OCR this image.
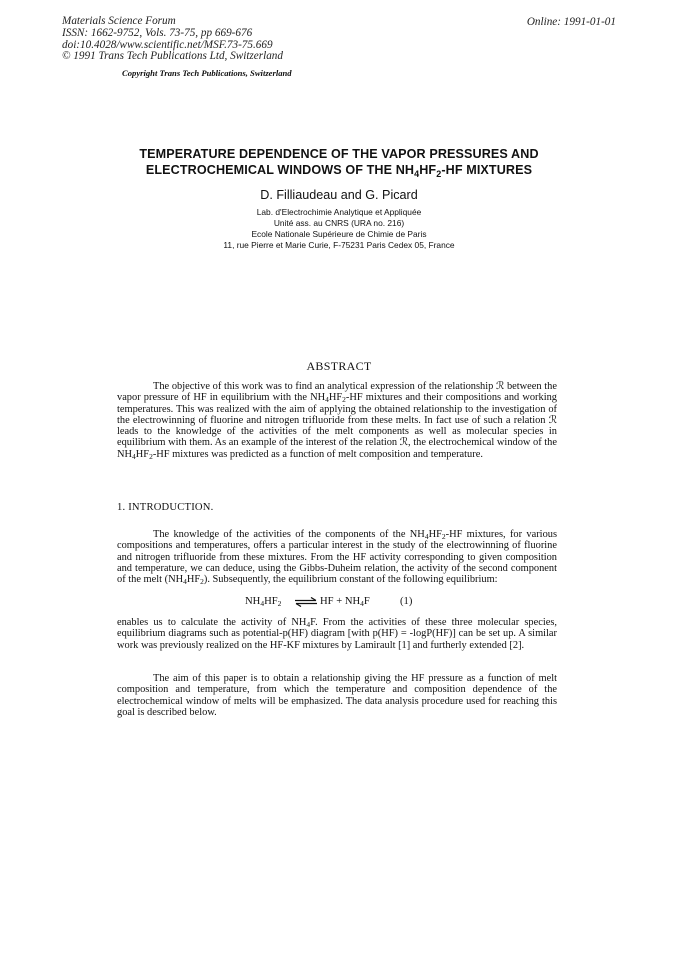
Materials Science Forum
ISSN: 1662-9752, Vols. 73-75, pp 669-676
doi:10.4028/www.scientific.net/MSF.73-75.669
© 1991 Trans Tech Publications Ltd, Switzerland
Online: 1991-01-01
Copyright Trans Tech Publications, Switzerland
TEMPERATURE DEPENDENCE OF THE VAPOR PRESSURES AND
ELECTROCHEMICAL WINDOWS OF THE $NH_4HF_2-HF$ MIXTURES
D. Filliaudeau and G. Picard
Lab. d'Electrochimie Analytique et Appliquée
Unité ass. au CNRS (URA no. 216)
Ecole Nationale Supérieure de Chimie de Paris
11, rue Pierre et Marie Curie, F-75231 Paris Cedex 05, France
ABSTRACT
The objective of this work was to find an analytical expression of the relationship ℛ between the vapor pressure of HF in equilibrium with the $NH_4HF_2-HF$ mixtures and their compositions and working temperatures. This was realized with the aim of applying the obtained relationship to the investigation of the electrowinning of fluorine and nitrogen trifluoride from these melts. In fact use of such a relation ℛ leads to the knowledge of the activities of the melt components as well as molecular species in equilibrium with them. As an example of the interest of the relation ℛ, the electrochemical window of the $NH_4HF_2-HF$ mixtures was predicted as a function of melt composition and temperature.
1. INTRODUCTION.
The knowledge of the activities of the components of the $NH_4HF_2-HF$ mixtures, for various compositions and temperatures, offers a particular interest in the study of the electrowinning of fluorine and nitrogen trifluoride from these mixtures. From the HF activity corresponding to given composition and temperature, we can deduce, using the Gibbs-Duheim relation, the activity of the second component of the melt $(NH_4HF_2)$. Subsequently, the equilibrium constant of the following equilibrium:
$NH_4HF_2$ ⇌ HF + $NH_4F$	(1)
enables us to calculate the activity of $NH_4F$. From the activities of these three molecular species, equilibrium diagrams such as potential-p(HF) diagram [with p(HF) = -logP(HF)] can be set up. A similar work was previously realized on the HF-KF mixtures by Lamirault [1] and furtherly extended [2].
The aim of this paper is to obtain a relationship giving the HF pressure as a function of melt composition and temperature, from which the temperature and composition dependence of the electrochemical window of melts will be emphasized. The data analysis procedure used for reaching this goal is described below.
